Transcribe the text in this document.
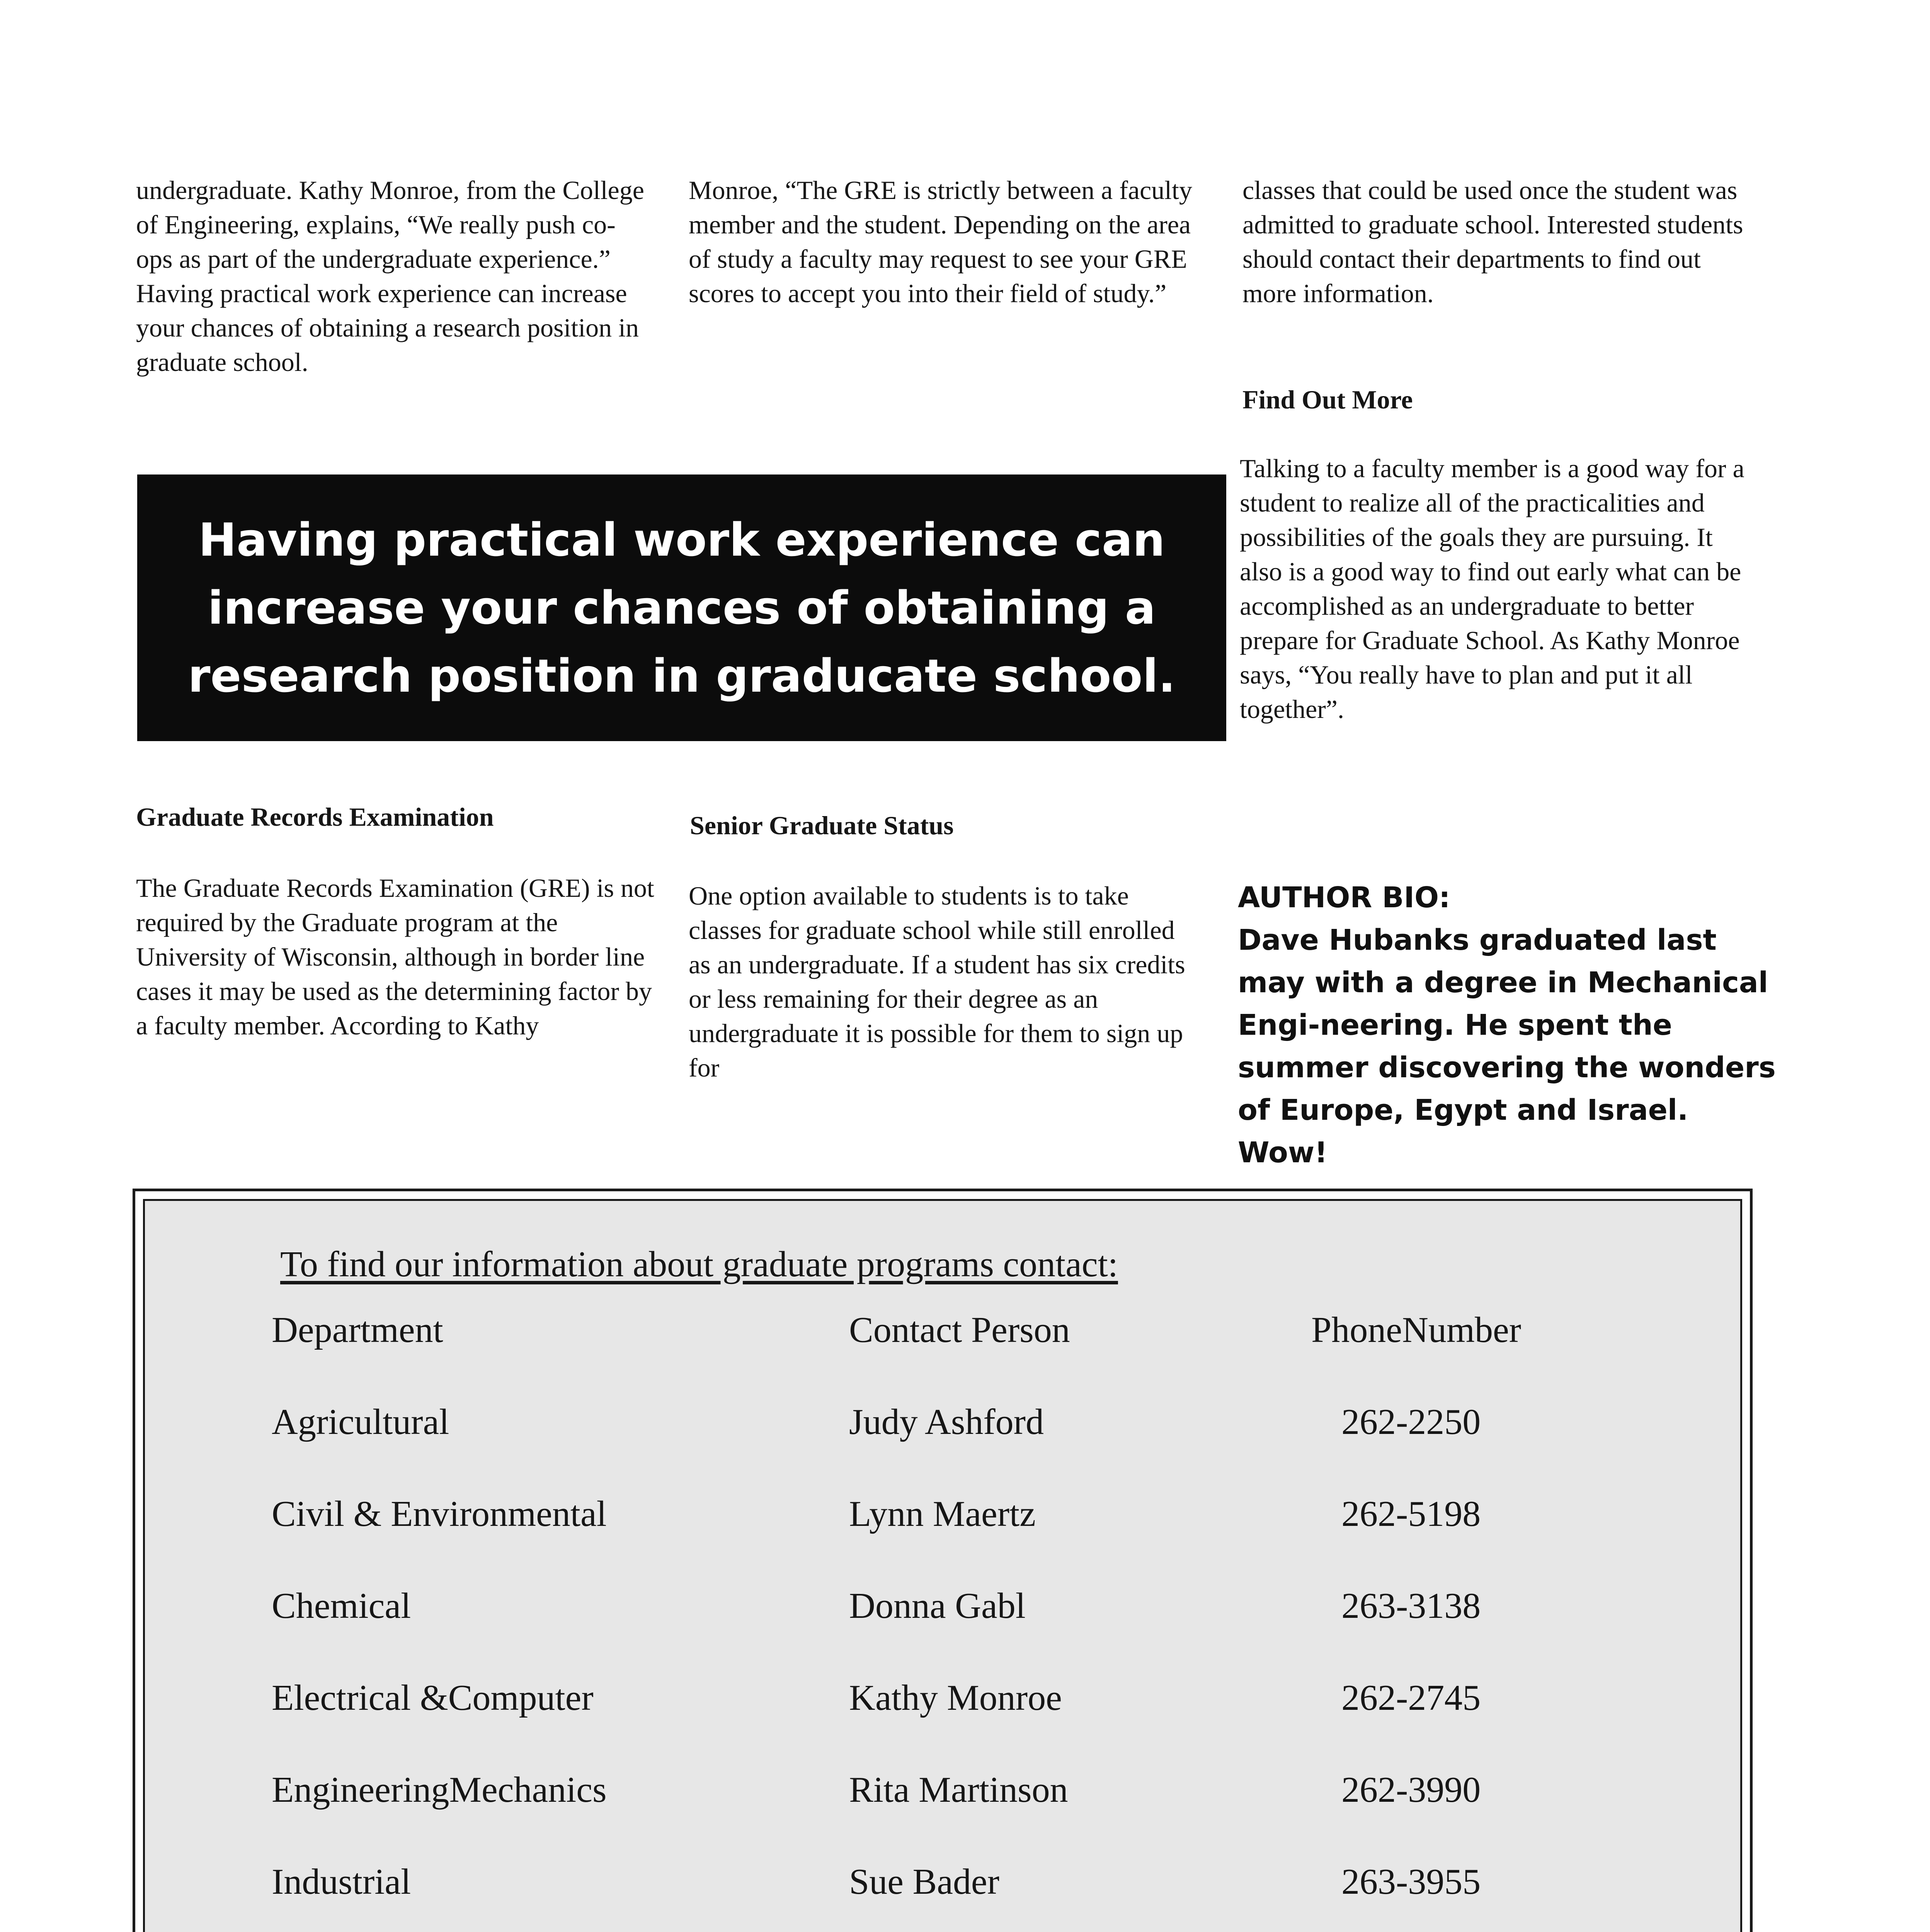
undergraduate. Kathy Monroe, from the College of Engineering, explains, “We really push co-ops as part of the undergraduate experience.” Having practical work experience can increase your chances of obtaining a research position in graduate school.

Monroe, “The GRE is strictly between a faculty member and the student. Depending on the area of study a faculty may request to see your GRE scores to accept you into their field of study.”

classes that could be used once the student was admitted to graduate school. Interested students should contact their departments to find out more information.

Find Out More

Talking to a faculty member is a good way for a student to realize all of the practicalities and possibilities of the goals they are pursuing. It also is a good way to find out early what can be accomplished as an undergraduate to better prepare for Graduate School. As Kathy Monroe says, “You really have to plan and put it all together”.

Having practical work experience can increase your chances of obtaining a research position in graducate school.

Graduate Records Examination

The Graduate Records Examination (GRE) is not required by the Graduate program at the University of Wisconsin, although in border line cases it may be used as the determining factor by a faculty member. According to Kathy

Senior Graduate Status

One option available to students is to take classes for graduate school while still enrolled as an undergraduate. If a student has six credits or less remaining for their degree as an undergraduate it is possible for them to sign up for

AUTHOR BIO:
Dave Hubanks graduated last may with a degree in Mechanical Engi-neering. He spent the summer discovering the wonders of Europe, Egypt and Israel. Wow!
To find our information about graduate programs contact:
Department	Contact Person	PhoneNumber
Agricultural	Judy Ashford	262-2250
Civil & Environmental	Lynn Maertz	262-5198
Chemical	Donna Gabl	263-3138
Electrical &Computer	Kathy Monroe	262-2745
EngineeringMechanics	Rita Martinson	262-3990
Industrial	Sue Bader	263-3955
